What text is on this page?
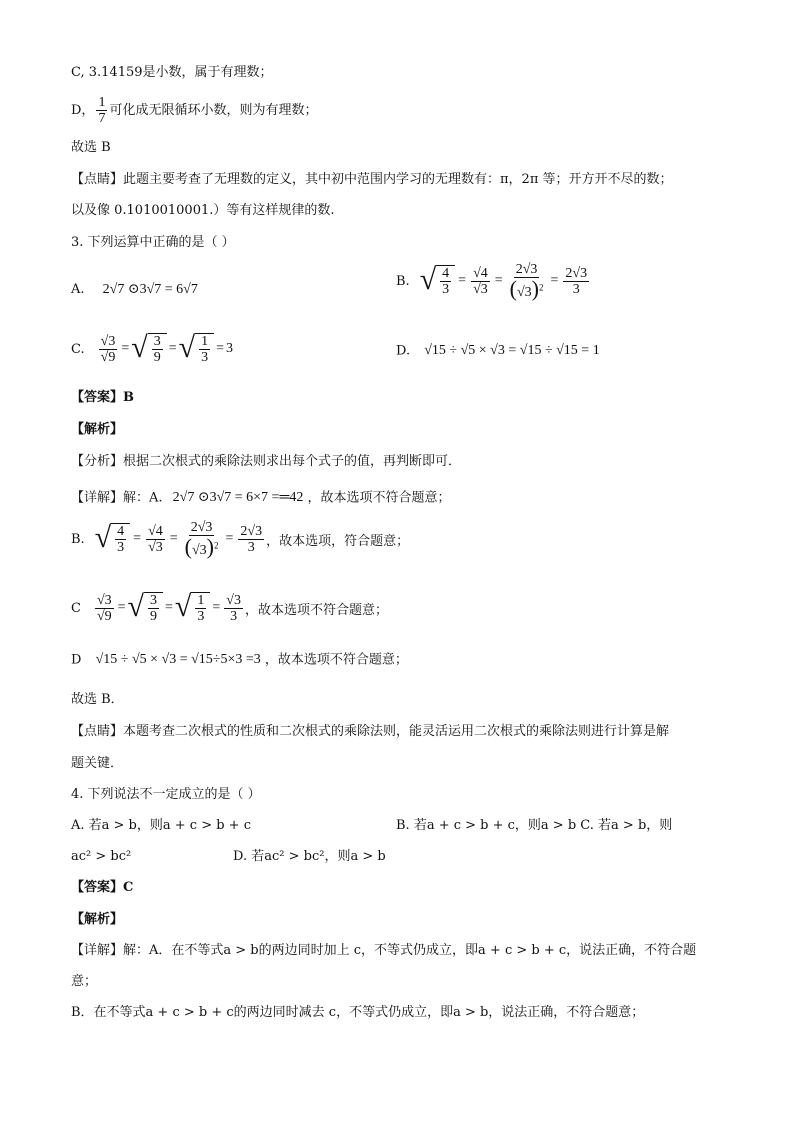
C, 3.14159是小数，属于有理数；
D， $\frac{1}{7}$ 可化成无限循环小数，则为有理数；
故选 B
【点睛】此题主要考查了无理数的定义，其中初中范围内学习的无理数有：π，2π 等；开方开不尽的数；
以及像 0.1010010001.）等有这样规律的数.
3. 下列运算中正确的是（ ）
A. 2√7 ⊙3√7 = 6√7
B. √ $\frac{4}{3} = \frac{√4}{√3} = \frac{2√3}{(√3)^2} = \frac{2√3}{3}$
C. $\frac{√3}{√9}$ = √ $\frac{3}{9}$ = √ $\frac{1}{3} = 3$	D. √15 ÷ √5 × √3 = √15 ÷ √15 = 1
【答案】B
【解析】
【分析】根据二次根式的乘除法则求出每个式子的值，再判断即可．
【详解】解：A. 2√7 ⊙3√7 = 6×7 =═42 ，故本选项不符合题意；
B. √ $\frac{4}{3} = \frac{√4}{√3} = \frac{2√3}{(√3)^2} = \frac{2√3}{3}$ ，故本选项，符合题意；
C $\frac{√3}{√9}$ = √ $\frac{3}{9}$ = √ $\frac{1}{3} = \frac{√3}{3}$ ，故本选项不符合题意；
D √15 ÷ √5 × √3 = √15÷5×3 =3 ，故本选项不符合题意；
故选 B．
【点睛】本题考查二次根式的性质和二次根式的乘除法则，能灵活运用二次根式的乘除法则进行计算是解
题关键．
4. 下列说法不一定成立的是（ ）
A. 若a > b，则a + c > b + c	B. 若a + c > b + c，则a > b C. 若a > b，则
ac² > bc²	D. 若ac² > bc²，则a > b
【答案】C
【解析】
【详解】解：A．在不等式a > b的两边同时加上 c，不等式仍成立，即a + c > b + c，说法正确，不符合题
意；
B．在不等式a + c > b + c的两边同时减去 c，不等式仍成立，即a > b，说法正确，不符合题意；
